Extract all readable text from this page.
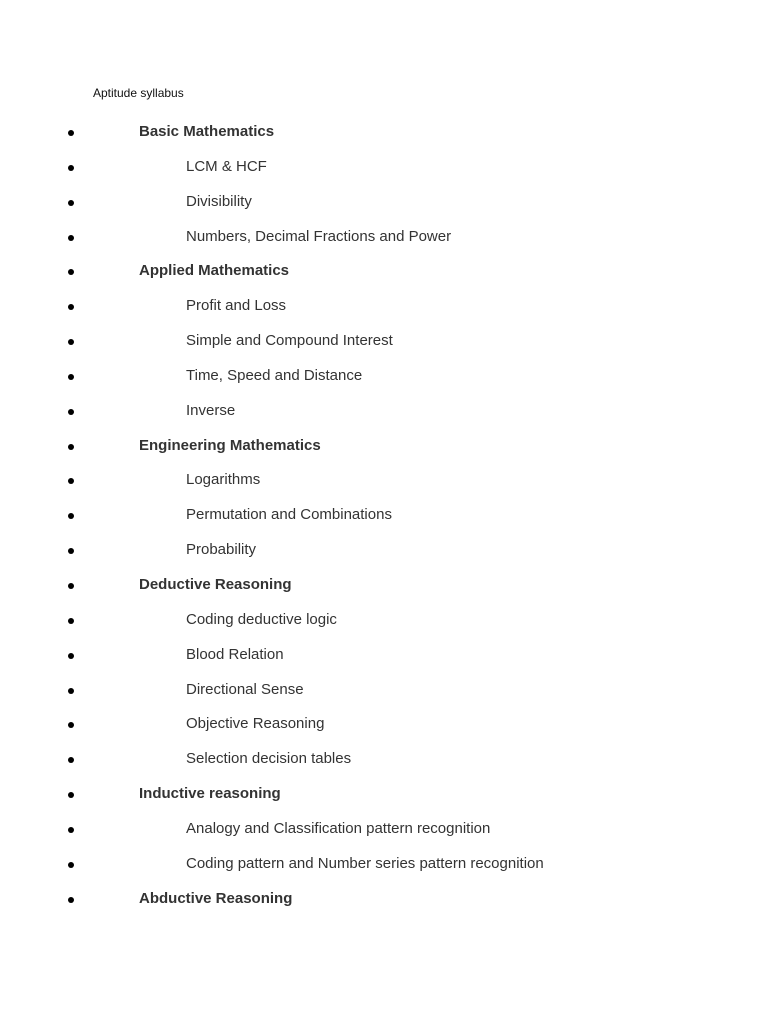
Aptitude syllabus
Basic Mathematics
LCM & HCF
Divisibility
Numbers, Decimal Fractions and Power
Applied Mathematics
Profit and Loss
Simple and Compound Interest
Time, Speed and Distance
Inverse
Engineering Mathematics
Logarithms
Permutation and Combinations
Probability
Deductive Reasoning
Coding deductive logic
Blood Relation
Directional Sense
Objective Reasoning
Selection decision tables
Inductive reasoning
Analogy and Classification pattern recognition
Coding pattern and Number series pattern recognition
Abductive Reasoning
